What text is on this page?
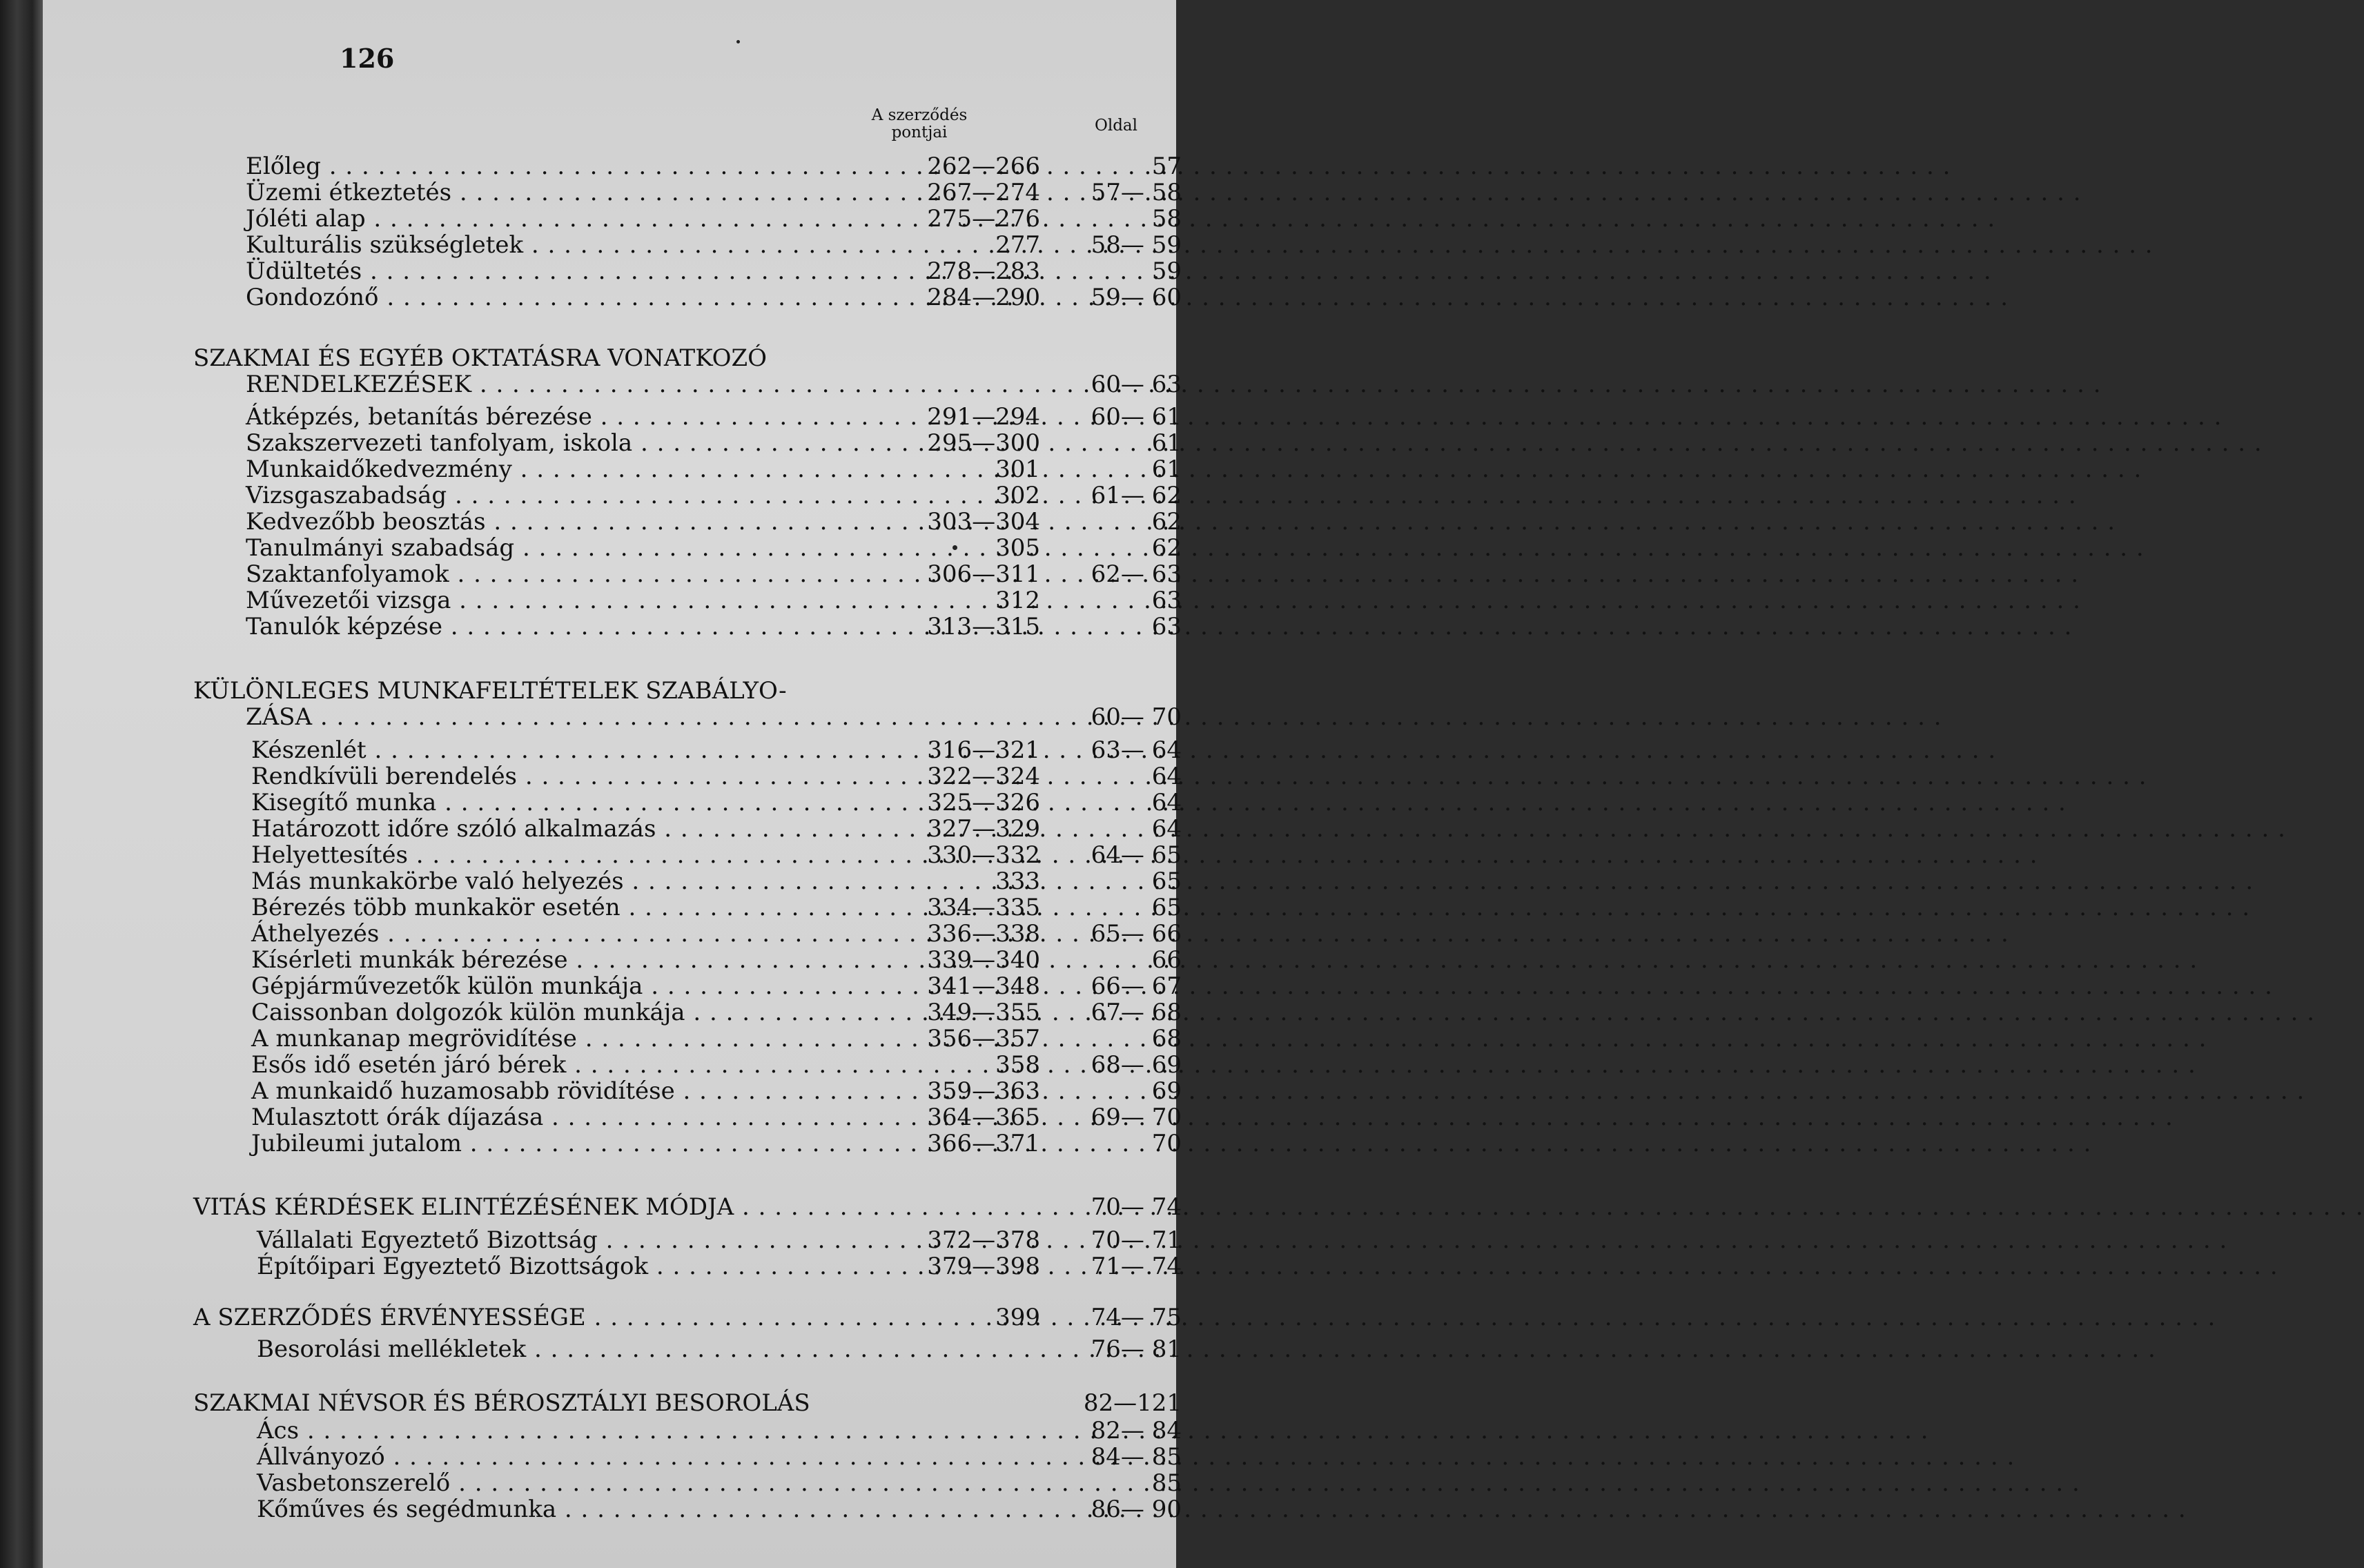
126
A szerződés
pontjai	Oldal
Előleg . . .	262—266	57
Üzemi étkeztetés . . .	267—274	57— 58
Jóléti alap . . .	275—276	58
Kulturális szükségletek . . .	277	58— 59
Üdültetés . . .	278—283	59
Gondozónő . . .	284—290	59— 60
SZAKMAI ÉS EGYÉB OKTATÁSRA VONATKOZÓ
RENDELKEZÉSEK . . .	60— 63
Átképzés, betanítás bérezése . . .	291—294	60— 61
Szakszervezeti tanfolyam, iskola . . .	295—300	61
Munkaidőkedvezmény . . .	301	61
Vizsgaszabadság . . .	302	61— 62
Kedvezőbb beosztás . . .	303—304	62
Tanulmányi szabadság . . .	305	62
Szaktanfolyamok . . .	306—311	62— 63
Művezetői vizsga . . .	312	63
Tanulók képzése . . .	313—315	63
KÜLÖNLEGES MUNKAFELTÉTELEK SZABÁLYO-
ZÁSA . . .	60— 70
Készenlét . . .	316—321	63— 64
Rendkívüli berendelés . . .	322—324	64
Kisegítő munka . . .	325—326	64
Határozott időre szóló alkalmazás . . .	327—329	64
Helyettesítés . . .	330—332	64— 65
Más munkakörbe való helyezés . . .	333	65
Bérezés több munkakör esetén . . .	334—335	65
Áthelyezés . . .	336—338	65— 66
Kísérleti munkák bérezése . . .	339—340	66
Gépjárművezetők külön munkája . . .	341—348	66— 67
Caissonban dolgozók külön munkája . . .	349—355	67— 68
A munkanap megrövidítése . . .	356—357	68
Esős idő esetén járó bérek . . .	358	68— 69
A munkaidő huzamosabb rövidítése . . .	359—363	69
Mulasztott órák díjazása . . .	364—365	69— 70
Jubileumi jutalom . . .	366—371	70
VITÁS KÉRDÉSEK ELINTÉZÉSÉNEK MÓDJA . . .	70— 74
Vállalati Egyeztető Bizottság . . .	372—378	70— 71
Építőipari Egyeztető Bizottságok . . .	379—398	71— 74
A SZERZŐDÉS ÉRVÉNYESSÉGE . . .	399	74— 75
Besorolási mellékletek . . .	76— 81
SZAKMAI NÉVSOR ÉS BÉROSZTÁLYI BESOROLÁS	82—121
Ács . . .	82— 84
Állványozó . . .	84— 85
Vasbetonszerelő . . .	85
Kőműves és segédmunka . . .	86— 90
